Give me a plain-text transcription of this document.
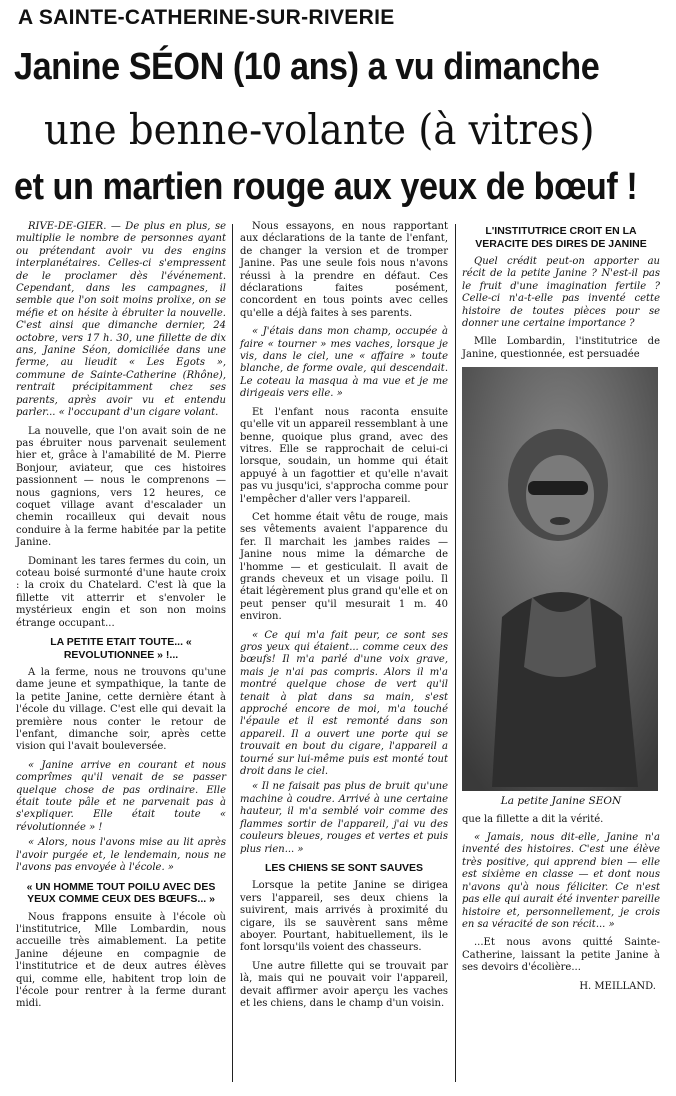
A SAINTE-CATHERINE-SUR-RIVERIE
Janine SÉON (10 ans) a vu dimanche
une benne-volante (à vitres)
et un martien rouge aux yeux de bœuf !

RIVE-DE-GIER. — De plus en plus, se multiplie le nombre de personnes ayant ou prétendant avoir vu des engins interplanétaires. Celles-ci s'empressent de le proclamer dès l'événement. Cependant, dans les campagnes, il semble que l'on soit moins prolixe, on se méfie et on hésite à ébruiter la nouvelle. C'est ainsi que dimanche dernier, 24 octobre, vers 17 h. 30, une fillette de dix ans, Janine Séon, domiciliée dans une ferme, au lieudit « Les Egots », commune de Sainte-Catherine (Rhône), rentrait précipitamment chez ses parents, après avoir vu et entendu parler... « l'occupant d'un cigare volant.

La nouvelle, que l'on avait soin de ne pas ébruiter nous parvenait seulement hier et, grâce à l'amabilité de M. Pierre Bonjour, aviateur, que ces histoires passionnent — nous le comprenons — nous gagnions, vers 12 heures, ce coquet village avant d'escalader un chemin rocailleux qui devait nous conduire à la ferme habitée par la petite Janine.

Dominant les tares fermes du coin, un coteau boisé surmonté d'une haute croix : la croix du Chatelard. C'est là que la fillette vit atterrir et s'envoler le mystérieux engin et son non moins étrange occupant...

LA PETITE ETAIT TOUTE... « REVOLUTIONNEE » !...

A la ferme, nous ne trouvons qu'une dame jeune et sympathique, la tante de la petite Janine, cette dernière étant à l'école du village. C'est elle qui devait la première nous conter le retour de l'enfant, dimanche soir, après cette vision qui l'avait bouleversée.

« Janine arrive en courant et nous comprîmes qu'il venait de se passer quelque chose de pas ordinaire. Elle était toute pâle et ne parvenait pas à s'expliquer. Elle était toute « révolutionnée » !

« Alors, nous l'avons mise au lit après l'avoir purgée et, le lendemain, nous ne l'avons pas envoyée à l'école. »

« UN HOMME TOUT POILU AVEC DES YEUX COMME CEUX DES BŒUFS... »

Nous frappons ensuite à l'école où l'institutrice, Mlle Lombardin, nous accueille très aimablement. La petite Janine déjeune en compagnie de l'institutrice et de deux autres élèves qui, comme elle, habitent trop loin de l'école pour rentrer à la ferme durant midi.

Nous essayons, en nous rapportant aux déclarations de la tante de l'enfant, de changer la version et de tromper Janine. Pas une seule fois nous n'avons réussi à la prendre en défaut. Ces déclarations faites posément, concordent en tous points avec celles qu'elle a déjà faites à ses parents.

« J'étais dans mon champ, occupée à faire « tourner » mes vaches, lorsque je vis, dans le ciel, une « affaire » toute blanche, de forme ovale, qui descendait. Le coteau la masqua à ma vue et je me dirigeais vers elle. »

Et l'enfant nous raconta ensuite qu'elle vit un appareil ressemblant à une benne, quoique plus grand, avec des vitres. Elle se rapprochait de celui-ci lorsque, soudain, un homme qui était appuyé à un fagottier et qu'elle n'avait pas vu jusqu'ici, s'approcha comme pour l'empêcher d'aller vers l'appareil.

Cet homme était vêtu de rouge, mais ses vêtements avaient l'apparence du fer. Il marchait les jambes raides — Janine nous mime la démarche de l'homme — et gesticulait. Il avait de grands cheveux et un visage poilu. Il était légèrement plus grand qu'elle et on peut penser qu'il mesurait 1 m. 40 environ.

« Ce qui m'a fait peur, ce sont ses gros yeux qui étaient... comme ceux des bœufs! Il m'a parlé d'une voix grave, mais je n'ai pas compris. Alors il m'a montré quelque chose de vert qu'il tenait à plat dans sa main, s'est approché encore de moi, m'a touché l'épaule et il est remonté dans son appareil. Il a ouvert une porte qui se trouvait en bout du cigare, l'appareil a tourné sur lui-même puis est monté tout droit dans le ciel.

« Il ne faisait pas plus de bruit qu'une machine à coudre. Arrivé à une certaine hauteur, il m'a semblé voir comme des flammes sortir de l'appareil, j'ai vu des couleurs bleues, rouges et vertes et puis plus rien... »

LES CHIENS SE SONT SAUVES

Lorsque la petite Janine se dirigea vers l'appareil, ses deux chiens la suivirent, mais arrivés à proximité du cigare, ils se sauvèrent sans même aboyer. Pourtant, habituellement, ils le font lorsqu'ils voient des chasseurs.

Une autre fillette qui se trouvait par là, mais qui ne pouvait voir l'appareil, devait affirmer avoir aperçu les vaches et les chiens, dans le champ d'un voisin.

L'INSTITUTRICE CROIT EN LA VERACITE DES DIRES DE JANINE

Quel crédit peut-on apporter au récit de la petite Janine ? N'est-il pas le fruit d'une imagination fertile ? Celle-ci n'a-t-elle pas inventé cette histoire de toutes pièces pour se donner une certaine importance ?

Mlle Lombardin, l'institutrice de Janine, questionnée, est persuadée

La petite Janine SEON

que la fillette a dit la vérité.

« Jamais, nous dit-elle, Janine n'a inventé des histoires. C'est une élève très positive, qui apprend bien — elle est sixième en classe — et dont nous n'avons qu'à nous féliciter. Ce n'est pas elle qui aurait été inventer pareille histoire et, personnellement, je crois en sa véracité de son récit... »

...Et nous avons quitté Sainte-Catherine, laissant la petite Janine à ses devoirs d'écolière...

H. MEILLAND.
